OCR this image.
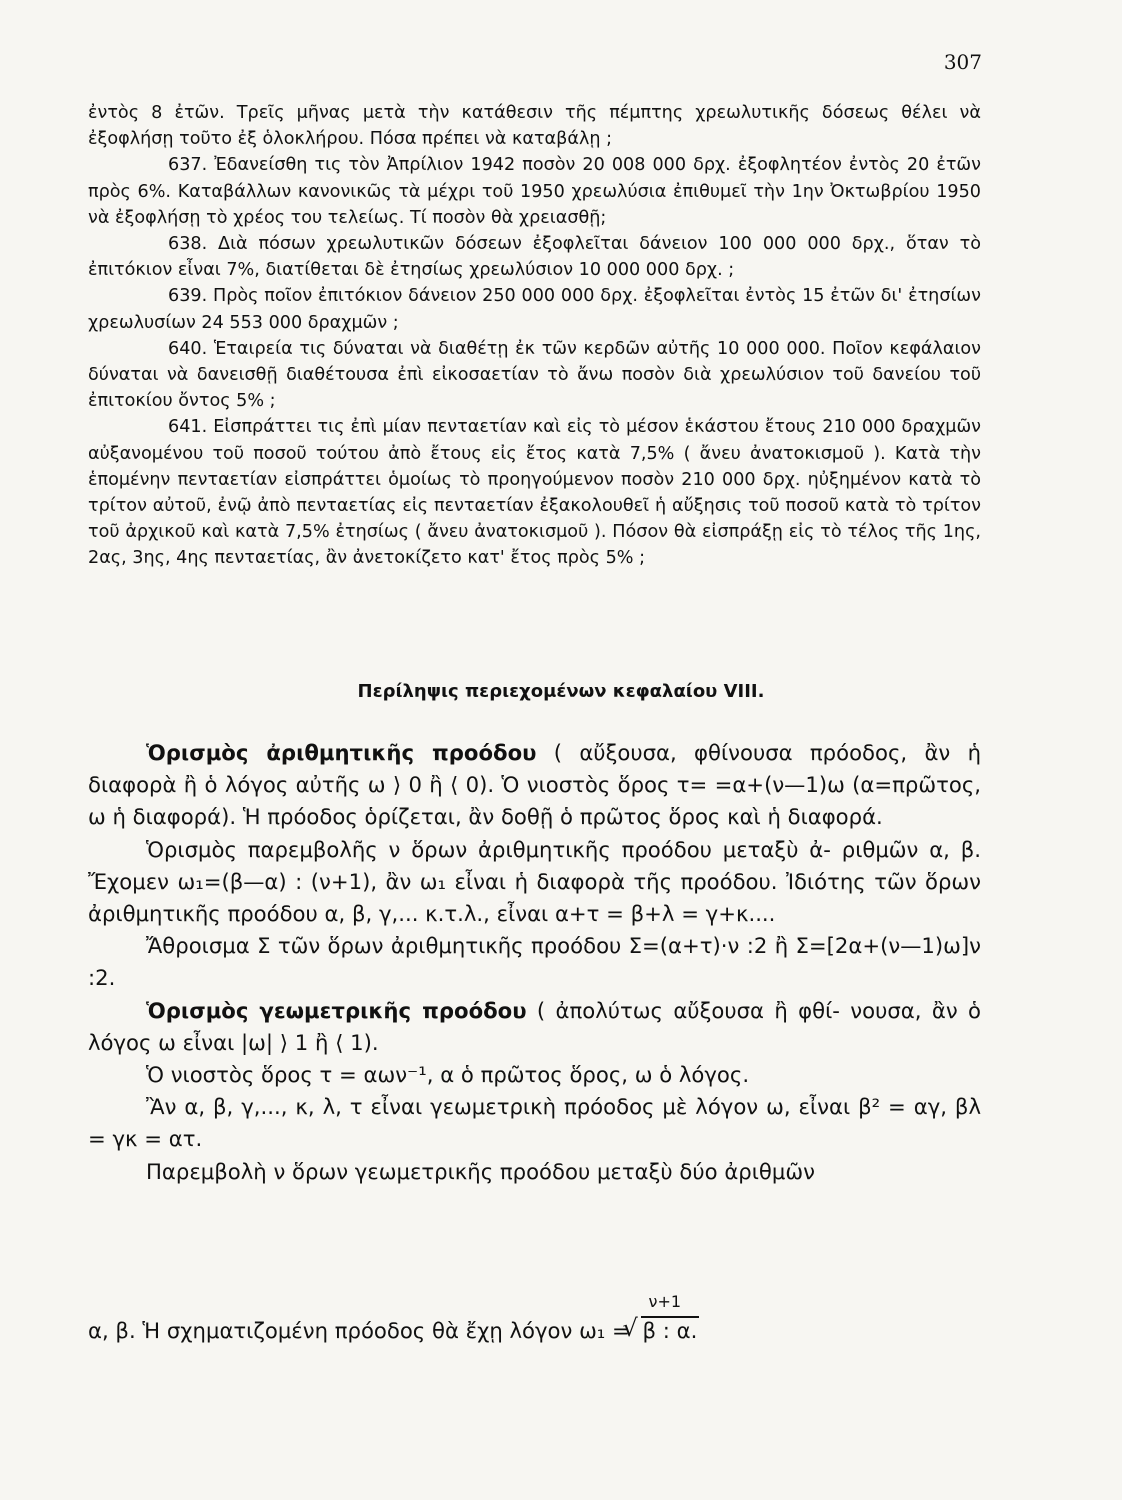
307

ἐντὸς 8 ἐτῶν. Τρεῖς μῆνας μετὰ τὴν κατάθεσιν τῆς πέμπτης χρεωλυτικῆς δόσεως θέλει νὰ ἐξοφλήσῃ τοῦτο ἐξ ὁλοκλήρου. Πόσα πρέπει νὰ καταβάλῃ ;

637. Ἐδανείσθη τις τὸν Ἀπρίλιον 1942 ποσὸν 20 008 000 δρχ. ἐξοφλητέον ἐντὸς 20 ἐτῶν πρὸς 6%. Καταβάλλων κανονικῶς τὰ μέχρι τοῦ 1950 χρεωλύσια ἐπιθυμεῖ τὴν 1ην Ὀκτωβρίου 1950 νὰ ἐξοφλήσῃ τὸ χρέος του τελείως. Τί ποσὸν θὰ χρειασθῇ;

638. Διὰ πόσων χρεωλυτικῶν δόσεων ἐξοφλεῖται δάνειον 100 000 000 δρχ., ὅταν τὸ ἐπιτόκιον εἶναι 7%, διατίθεται δὲ ἐτησίως χρεωλύσιον 10 000 000 δρχ. ;

639. Πρὸς ποῖον ἐπιτόκιον δάνειον 250 000 000 δρχ. ἐξοφλεῖται ἐντὸς 15 ἐτῶν δι' ἐτησίων χρεωλυσίων 24 553 000 δραχμῶν ;

640. Ἑταιρεία τις δύναται νὰ διαθέτῃ ἐκ τῶν κερδῶν αὐτῆς 10 000 000. Ποῖον κεφάλαιον δύναται νὰ δανεισθῇ διαθέτουσα ἐπὶ εἰκοσαετίαν τὸ ἄνω ποσὸν διὰ χρεωλύσιον τοῦ δανείου τοῦ ἐπιτοκίου ὄντος 5% ;

641. Εἰσπράττει τις ἐπὶ μίαν πενταετίαν καὶ εἰς τὸ μέσον ἑκάστου ἔτους 210 000 δραχμῶν αὐξανομένου τοῦ ποσοῦ τούτου ἀπὸ ἔτους εἰς ἔτος κατὰ 7,5% ( ἄνευ ἀνατοκισμοῦ ). Κατὰ τὴν ἑπομένην πενταετίαν εἰσπράττει ὁμοίως τὸ προηγούμενον ποσὸν 210 000 δρχ. ηὐξημένον κατὰ τὸ τρίτον αὐτοῦ, ἐνῷ ἀπὸ πενταετίας εἰς πενταετίαν ἐξακολουθεῖ ἡ αὔξησις τοῦ ποσοῦ κατὰ τὸ τρίτον τοῦ ἀρχικοῦ καὶ κατὰ 7,5% ἐτησίως ( ἄνευ ἀνατοκισμοῦ ). Πόσον θὰ εἰσπράξῃ εἰς τὸ τέλος τῆς 1ης, 2ας, 3ης, 4ης πενταετίας, ἂν ἀνετοκίζετο κατ' ἔτος πρὸς 5% ;

Περίληψις περιεχομένων κεφαλαίου VIII.

Ὁρισμὸς ἀριθμητικῆς προόδου ( αὔξουσα, φθίνουσα πρόοδος, ἂν ἡ διαφορὰ ἢ ὁ λόγος αὐτῆς ω ⟩ 0 ἢ ⟨ 0). Ὁ νιοστὸς ὅρος τ= =α+(ν—1)ω (α=πρῶτος, ω ἡ διαφορά). Ἡ πρόοδος ὁρίζεται, ἂν δοθῇ ὁ πρῶτος ὅρος καὶ ἡ διαφορά.

Ὁρισμὸς παρεμβολῆς ν ὅρων ἀριθμητικῆς προόδου μεταξὺ ἀ- ριθμῶν α, β. Ἔχομεν ω₁=(β—α) : (ν+1), ἂν ω₁ εἶναι ἡ διαφορὰ τῆς προόδου. Ἰδιότης τῶν ὅρων ἀριθμητικῆς προόδου α, β, γ,... κ.τ.λ., εἶναι α+τ = β+λ = γ+κ....

Ἄθροισμα Σ τῶν ὅρων ἀριθμητικῆς προόδου Σ=(α+τ)·ν :2 ἢ Σ=[2α+(ν—1)ω]ν :2.

Ὁρισμὸς γεωμετρικῆς προόδου ( ἀπολύτως αὔξουσα ἢ φθί- νουσα, ἂν ὁ λόγος ω εἶναι |ω| ⟩ 1 ἢ ⟨ 1).

Ὁ νιοστὸς ὅρος τ = αων⁻¹, α ὁ πρῶτος ὅρος, ω ὁ λόγος.

Ἂν α, β, γ,..., κ, λ, τ εἶναι γεωμετρικὴ πρόοδος μὲ λόγον ω, εἶναι β² = αγ, βλ = γκ = ατ.

Παρεμβολὴ ν ὅρων γεωμετρικῆς προόδου μεταξὺ δύο ἀριθμῶν

α, β. Ἡ σχηματιζομένη πρόοδος θὰ ἔχῃ λόγον ω₁ =
√ ν+1
β : α.
